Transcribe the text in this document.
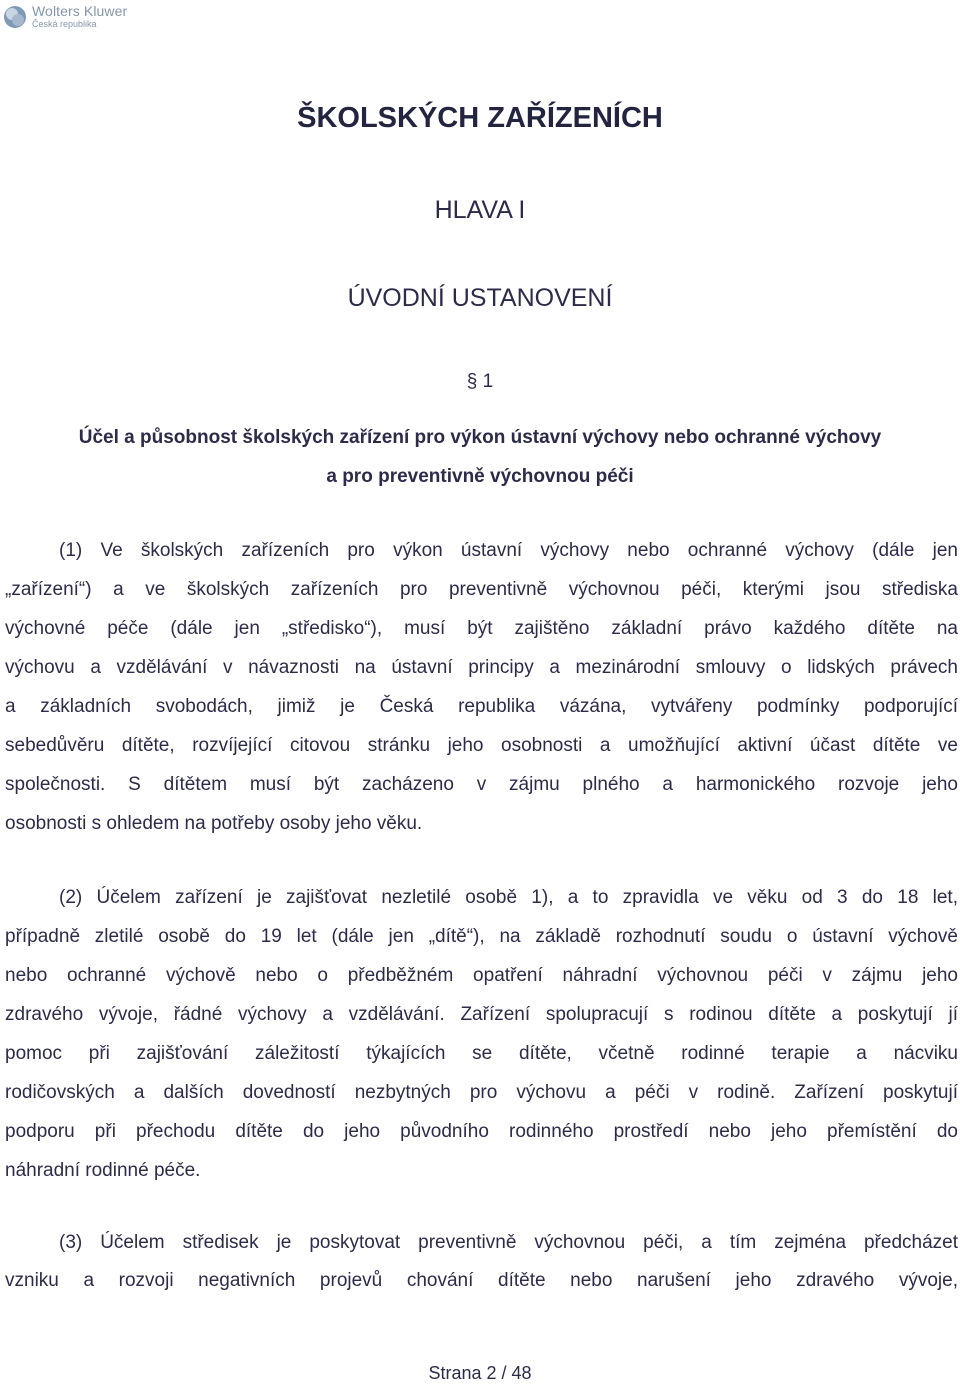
Wolters Kluwer
Česká republika
ŠKOLSKÝCH ZAŘÍZENÍCH
HLAVA I
ÚVODNÍ USTANOVENÍ
§ 1
Účel a působnost školských zařízení pro výkon ústavní výchovy nebo ochranné výchovy
a pro preventivně výchovnou péči
(1) Ve školských zařízeních pro výkon ústavní výchovy nebo ochranné výchovy (dále jen
„zařízení“) a ve školských zařízeních pro preventivně výchovnou péči, kterými jsou střediska
výchovné péče (dále jen „středisko“), musí být zajištěno základní právo každého dítěte na
výchovu a vzdělávání v návaznosti na ústavní principy a mezinárodní smlouvy o lidských právech
a základních svobodách, jimiž je Česká republika vázána, vytvářeny podmínky podporující
sebedůvěru dítěte, rozvíjející citovou stránku jeho osobnosti a umožňující aktivní účast dítěte ve
společnosti. S dítětem musí být zacházeno v zájmu plného a harmonického rozvoje jeho
osobnosti s ohledem na potřeby osoby jeho věku.
(2) Účelem zařízení je zajišťovat nezletilé osobě 1), a to zpravidla ve věku od 3 do 18 let,
případně zletilé osobě do 19 let (dále jen „dítě“), na základě rozhodnutí soudu o ústavní výchově
nebo ochranné výchově nebo o předběžném opatření náhradní výchovnou péči v zájmu jeho
zdravého vývoje, řádné výchovy a vzdělávání. Zařízení spolupracují s rodinou dítěte a poskytují jí
pomoc při zajišťování záležitostí týkajících se dítěte, včetně rodinné terapie a nácviku
rodičovských a dalších dovedností nezbytných pro výchovu a péči v rodině. Zařízení poskytují
podporu při přechodu dítěte do jeho původního rodinného prostředí nebo jeho přemístění do
náhradní rodinné péče.
(3) Účelem středisek je poskytovat preventivně výchovnou péči, a tím zejména předcházet
vzniku a rozvoji negativních projevů chování dítěte nebo narušení jeho zdravého vývoje,
Strana 2 / 48
